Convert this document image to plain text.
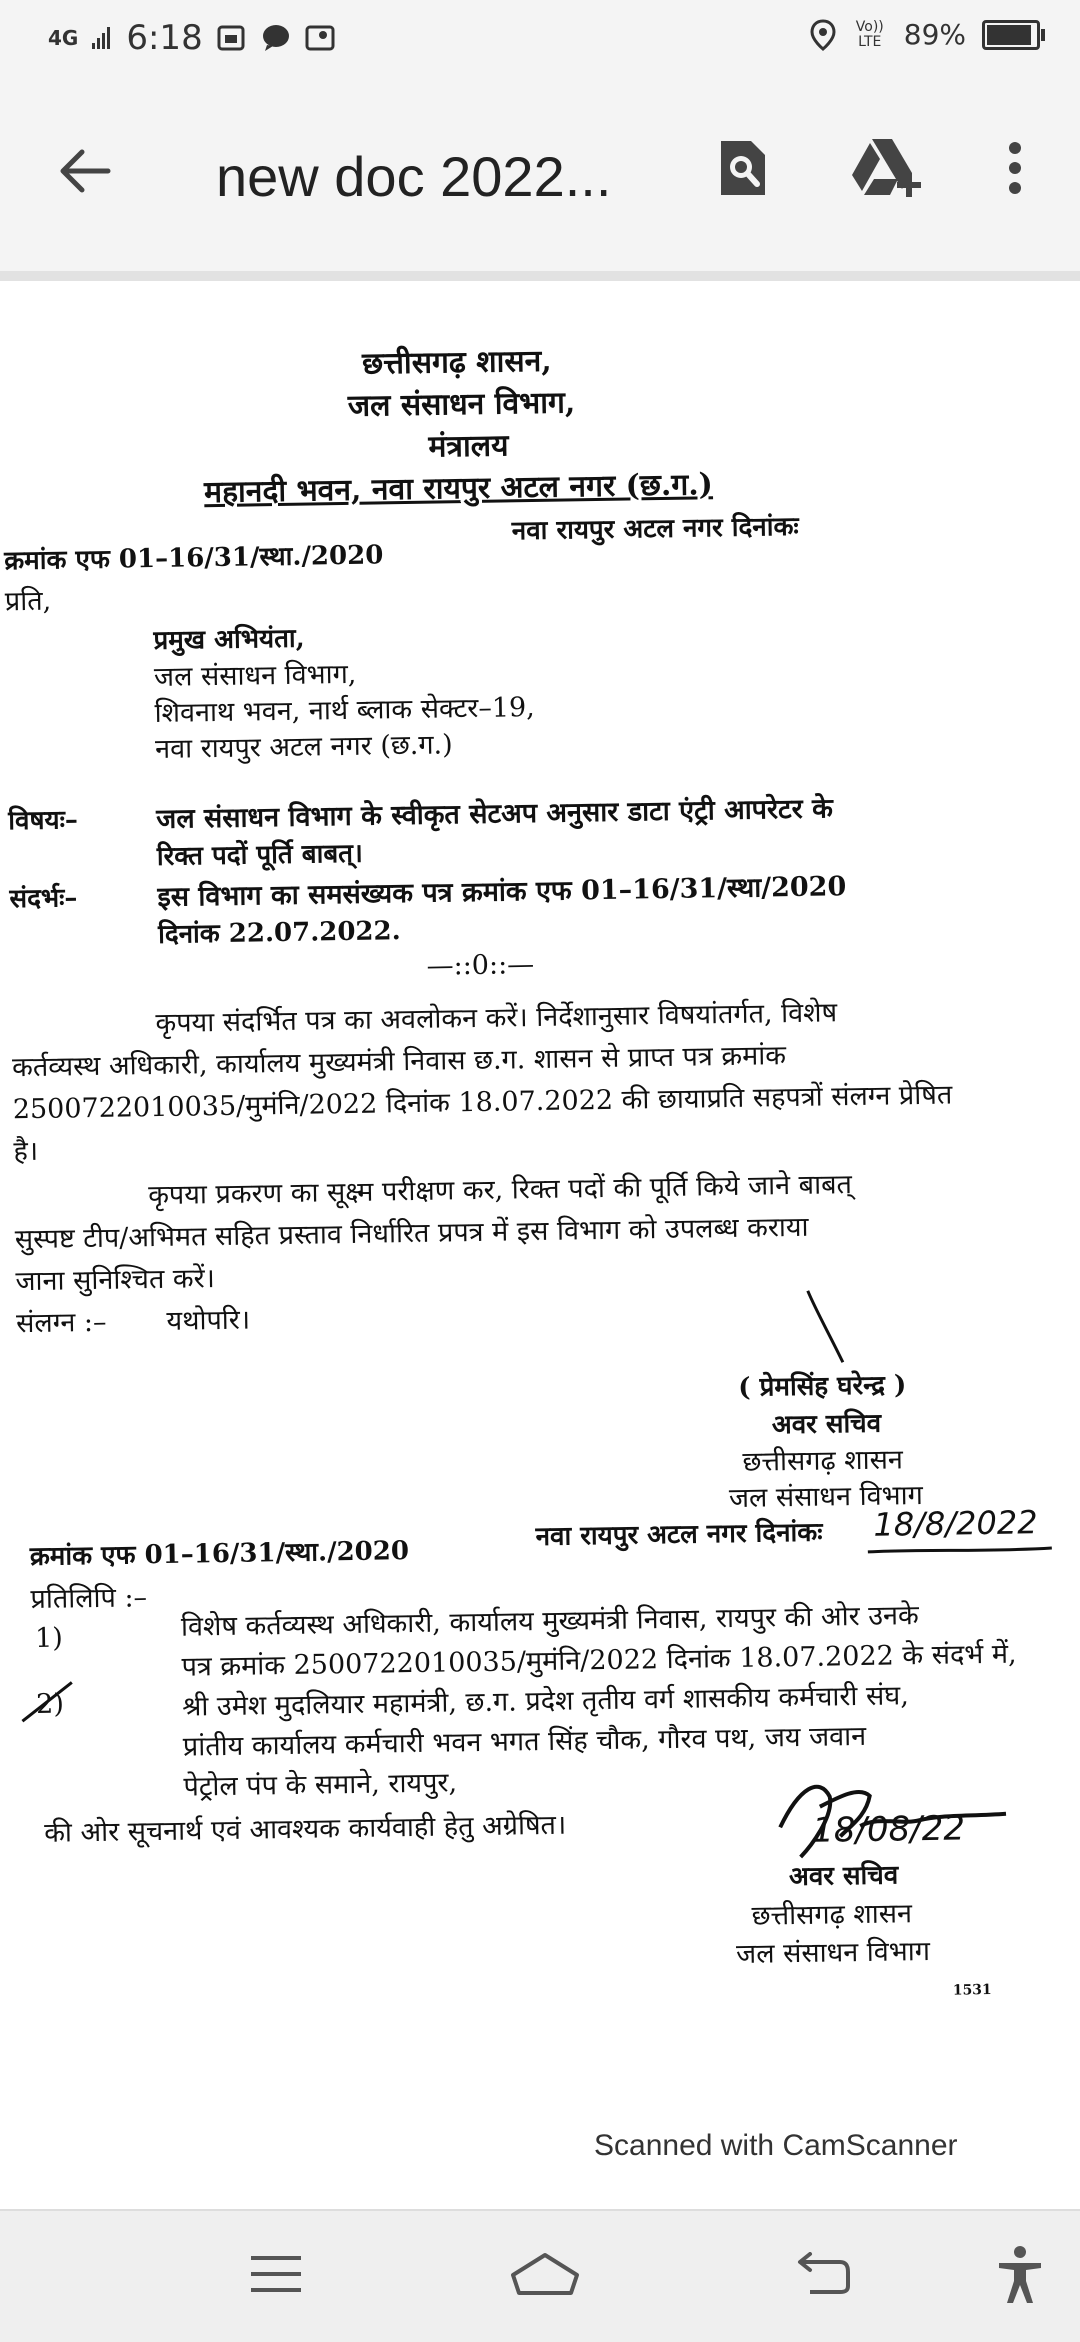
4G 6:18	Vo)) LTE 89%
new doc 2022...
छत्तीसगढ़ शासन,
जल संसाधन विभाग,
मंत्रालय
महानदी भवन, नवा रायपुर अटल नगर (छ.ग.)
क्रमांक एफ 01–16/31/स्था./2020
नवा रायपुर अटल नगर दिनांकः
प्रति,
प्रमुख अभियंता,
जल संसाधन विभाग,
शिवनाथ भवन, नार्थ ब्लाक सेक्टर–19,
नवा रायपुर अटल नगर (छ.ग.)
विषयः–	जल संसाधन विभाग के स्वीकृत सेटअप अनुसार डाटा एंट्री आपरेटर के
रिक्त पदों पूर्ति बाबत्।
संदर्भः–	इस विभाग का समसंख्यक पत्र क्रमांक एफ 01–16/31/स्था/2020
दिनांक 22.07.2022.
—::0::—
कृपया संदर्भित पत्र का अवलोकन करें। निर्देशानुसार विषयांतर्गत, विशेष
कर्तव्यस्थ अधिकारी, कार्यालय मुख्यमंत्री निवास छ.ग. शासन से प्राप्त पत्र क्रमांक
2500722010035/मुमंनि/2022 दिनांक 18.07.2022 की छायाप्रति सहपत्रों संलग्न प्रेषित
है।
कृपया प्रकरण का सूक्ष्म परीक्षण कर, रिक्त पदों की पूर्ति किये जाने बाबत्
सुस्पष्ट टीप/अभिमत सहित प्रस्ताव निर्धारित प्रपत्र में इस विभाग को उपलब्ध कराया
जाना सुनिश्चित करें।
संलग्न :–       यथोपरि।
( प्रेमसिंह घरेन्द्र )
अवर सचिव
छत्तीसगढ़ शासन
जल संसाधन विभाग
क्रमांक एफ 01–16/31/स्था./2020
नवा रायपुर अटल नगर दिनांकः 18/8/2022
प्रतिलिपि :–
1)	विशेष कर्तव्यस्थ अधिकारी, कार्यालय मुख्यमंत्री निवास, रायपुर की ओर उनके
पत्र क्रमांक 2500722010035/मुमंनि/2022 दिनांक 18.07.2022 के संदर्भ में,
2)	श्री उमेश मुदलियार महामंत्री, छ.ग. प्रदेश तृतीय वर्ग शासकीय कर्मचारी संघ,
प्रांतीय कार्यालय कर्मचारी भवन भगत सिंह चौक, गौरव पथ, जय जवान
पेट्रोल पंप के समाने, रायपुर,
की ओर सूचनार्थ एवं आवश्यक कार्यवाही हेतु अग्रेषित।	18/08/22
अवर सचिव
छत्तीसगढ़ शासन
जल संसाधन विभाग
1531
Scanned with CamScanner
